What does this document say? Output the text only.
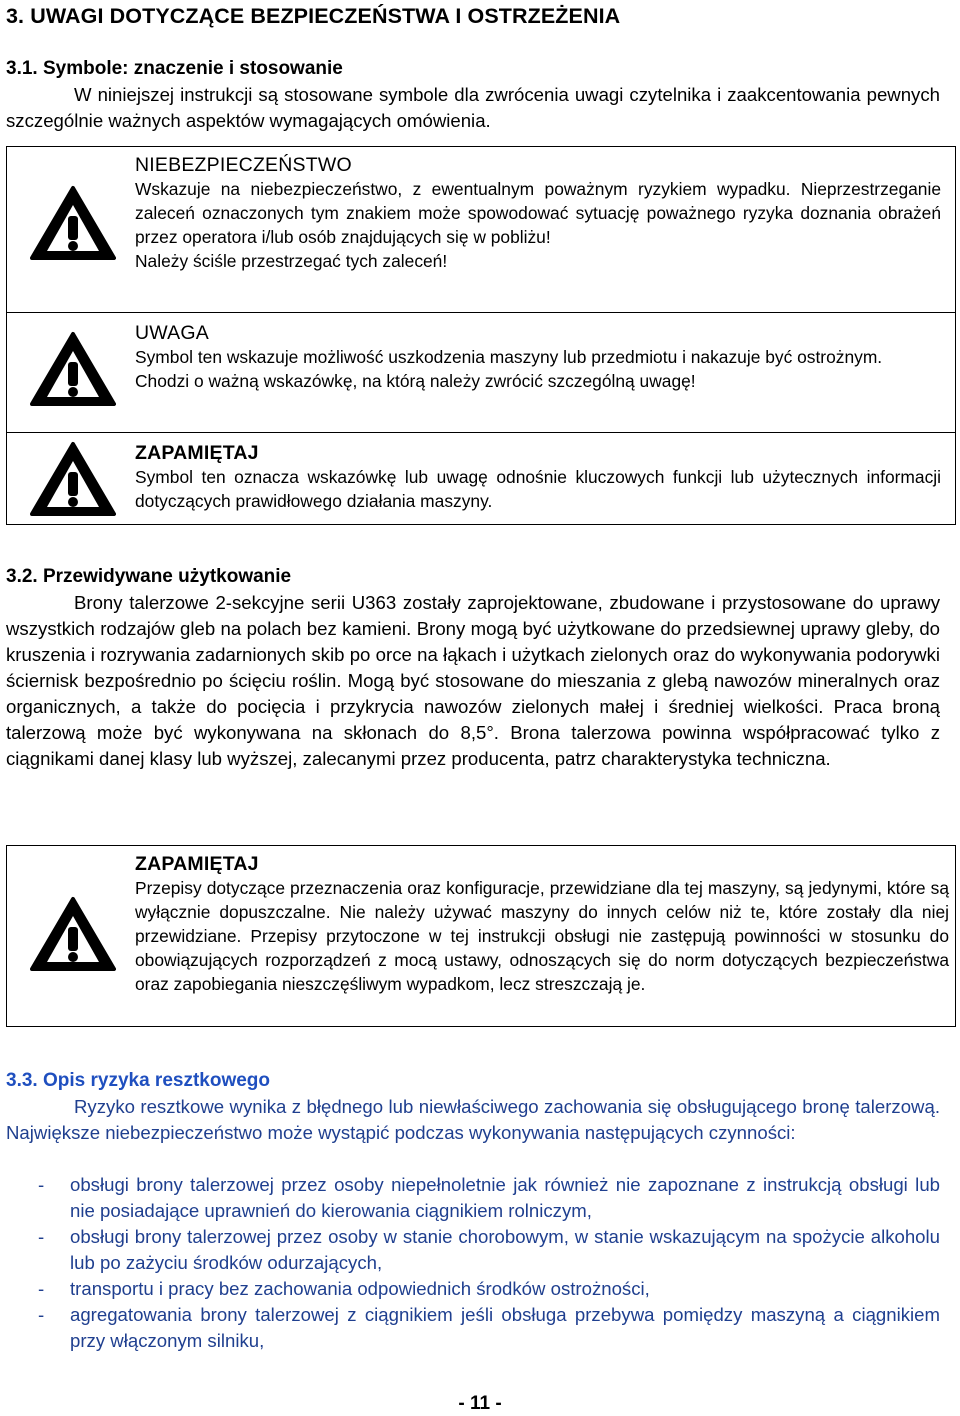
3. UWAGI DOTYCZĄCE BEZPIECZEŃSTWA I OSTRZEŻENIA
3.1. Symbole: znaczenie i stosowanie
W niniejszej instrukcji są stosowane symbole dla zwrócenia uwagi czytelnika i zaakcentowania pewnych szczególnie ważnych aspektów wymagających omówienia.
NIEBEZPIECZEŃSTWO
Wskazuje na niebezpieczeństwo, z ewentualnym poważnym ryzykiem wypadku. Nieprzestrzeganie zaleceń oznaczonych tym znakiem może spowodować sytuację poważnego ryzyka doznania obrażeń przez operatora i/lub osób znajdujących się w pobliżu!
Należy ściśle przestrzegać tych zaleceń!
UWAGA
Symbol ten wskazuje możliwość uszkodzenia maszyny lub przedmiotu i nakazuje być ostrożnym.
Chodzi o ważną wskazówkę, na którą należy zwrócić szczególną uwagę!
ZAPAMIĘTAJ
Symbol ten oznacza wskazówkę lub uwagę odnośnie kluczowych funkcji lub użytecznych informacji dotyczących prawidłowego działania maszyny.
3.2. Przewidywane użytkowanie
Brony talerzowe 2-sekcyjne serii U363 zostały zaprojektowane, zbudowane i przystosowane do uprawy wszystkich rodzajów gleb na polach bez kamieni. Brony mogą być użytkowane do przedsiewnej uprawy gleby, do kruszenia i rozrywania zadarnionych skib po orce na łąkach i użytkach zielonych oraz do wykonywania podorywki ściernisk bezpośrednio po ścięciu roślin. Mogą być stosowane do mieszania z glebą nawozów mineralnych oraz organicznych, a także do pocięcia i przykrycia nawozów zielonych małej i średniej wielkości. Praca broną talerzową może być wykonywana na skłonach do 8,5°. Brona talerzowa powinna współpracować tylko z ciągnikami danej klasy lub wyższej, zalecanymi przez producenta, patrz charakterystyka techniczna.
ZAPAMIĘTAJ
Przepisy dotyczące przeznaczenia oraz konfiguracje, przewidziane dla tej maszyny, są jedynymi, które są wyłącznie dopuszczalne. Nie należy używać maszyny do innych celów niż te, które zostały dla niej przewidziane. Przepisy przytoczone w tej instrukcji obsługi nie zastępują powinności w stosunku do obowiązujących rozporządzeń z mocą ustawy, odnoszących się do norm dotyczących bezpieczeństwa oraz zapobiegania nieszczęśliwym wypadkom, lecz streszczają je.
3.3. Opis ryzyka resztkowego
Ryzyko resztkowe wynika z błędnego lub niewłaściwego zachowania się obsługującego bronę talerzową. Największe niebezpieczeństwo może wystąpić podczas wykonywania następujących czynności:
- obsługi brony talerzowej przez osoby niepełnoletnie jak również nie zapoznane z instrukcją obsługi lub nie posiadające uprawnień do kierowania ciągnikiem rolniczym,
- obsługi brony talerzowej przez osoby w stanie chorobowym, w stanie wskazującym na spożycie alkoholu lub po zażyciu środków odurzających,
- transportu i pracy bez zachowania odpowiednich środków ostrożności,
- agregatowania brony talerzowej z ciągnikiem jeśli obsługa przebywa pomiędzy maszyną a ciągnikiem przy włączonym silniku,
- 11 -
